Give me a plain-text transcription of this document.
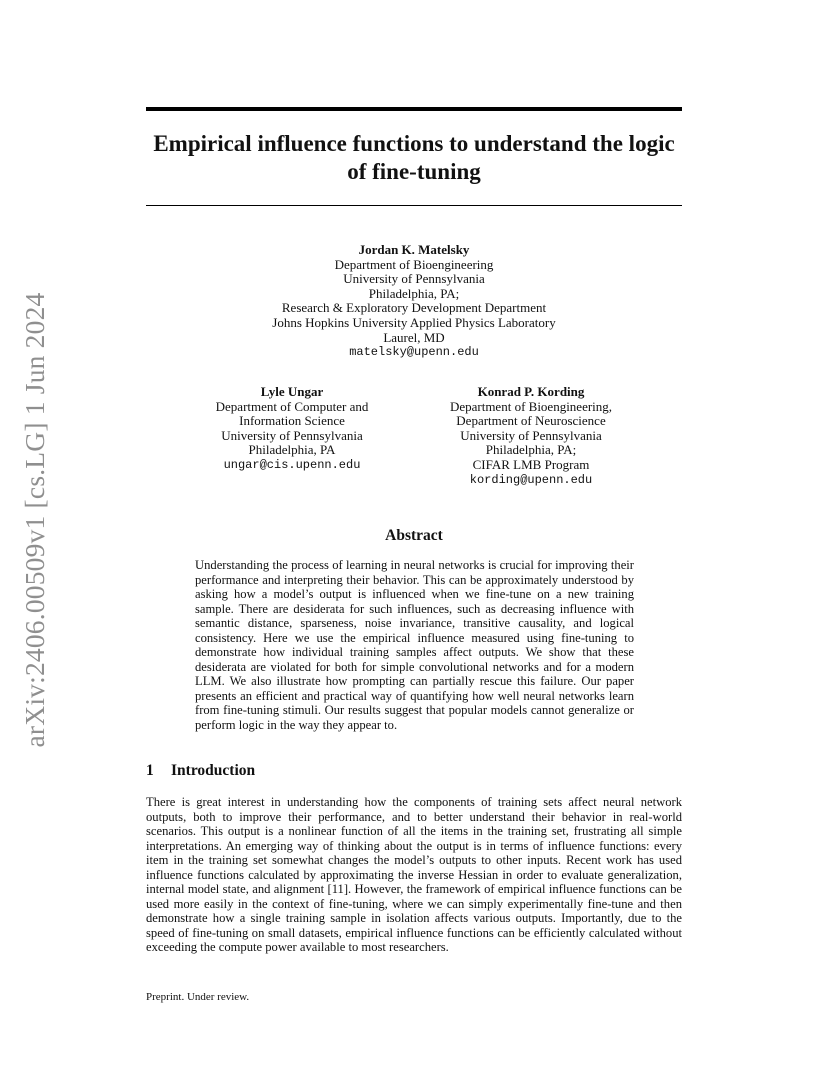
arXiv:2406.00509v1 [cs.LG] 1 Jun 2024
Empirical influence functions to understand the logic of fine-tuning
Jordan K. Matelsky
Department of Bioengineering
University of Pennsylvania
Philadelphia, PA;
Research & Exploratory Development Department
Johns Hopkins University Applied Physics Laboratory
Laurel, MD
matelsky@upenn.edu
Lyle Ungar
Department of Computer and
Information Science
University of Pennsylvania
Philadelphia, PA
ungar@cis.upenn.edu
Konrad P. Kording
Department of Bioengineering,
Department of Neuroscience
University of Pennsylvania
Philadelphia, PA;
CIFAR LMB Program
kording@upenn.edu
Abstract

Understanding the process of learning in neural networks is crucial for improving their performance and interpreting their behavior. This can be approximately understood by asking how a model’s output is influenced when we fine-tune on a new training sample. There are desiderata for such influences, such as decreasing influence with semantic distance, sparseness, noise invariance, transitive causality, and logical consistency. Here we use the empirical influence measured using fine-tuning to demonstrate how individual training samples affect outputs. We show that these desiderata are violated for both for simple convolutional networks and for a modern LLM. We also illustrate how prompting can partially rescue this failure. Our paper presents an efficient and practical way of quantifying how well neural networks learn from fine-tuning stimuli. Our results suggest that popular models cannot generalize or perform logic in the way they appear to.

1 Introduction

There is great interest in understanding how the components of training sets affect neural network outputs, both to improve their performance, and to better understand their behavior in real-world scenarios. This output is a nonlinear function of all the items in the training set, frustrating all simple interpretations. An emerging way of thinking about the output is in terms of influence functions: every item in the training set somewhat changes the model’s outputs to other inputs. Recent work has used influence functions calculated by approximating the inverse Hessian in order to evaluate generalization, internal model state, and alignment [11]. However, the framework of empirical influence functions can be used more easily in the context of fine-tuning, where we can simply experimentally fine-tune and then demonstrate how a single training sample in isolation affects various outputs. Importantly, due to the speed of fine-tuning on small datasets, empirical influence functions can be efficiently calculated without exceeding the compute power available to most researchers.

Preprint. Under review.
